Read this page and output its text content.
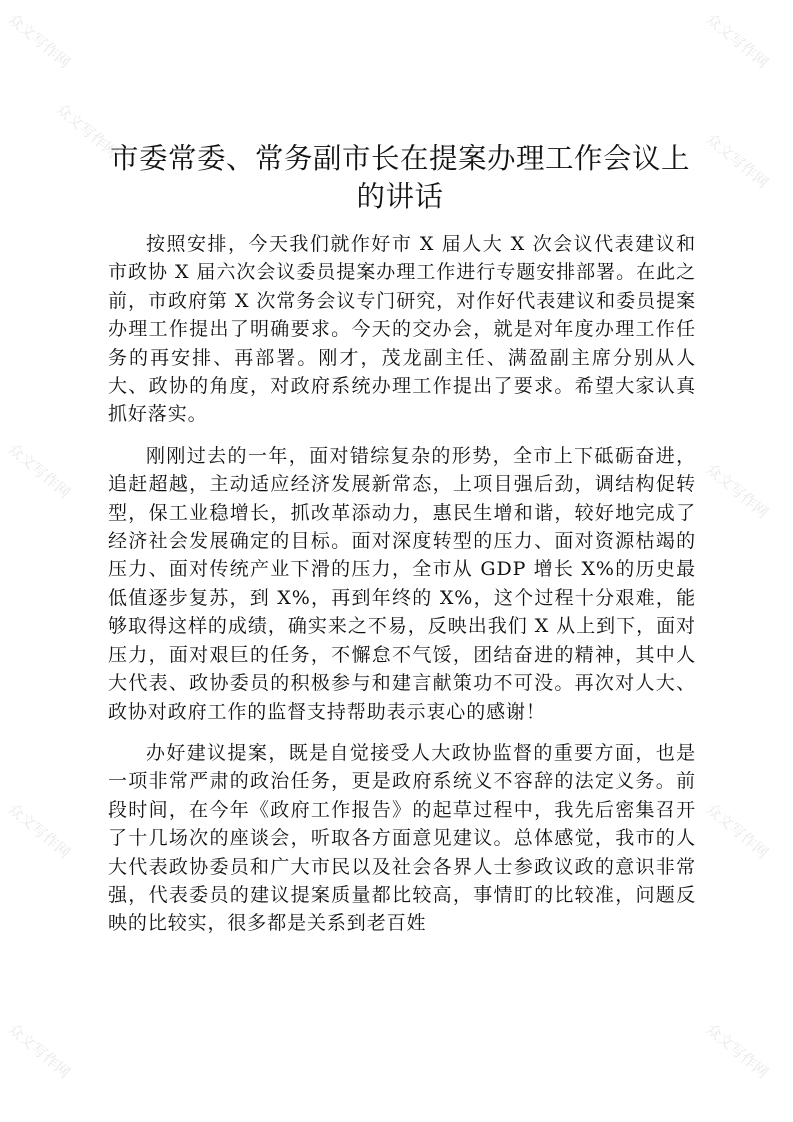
众文写作网
众文写作网
众文写作网
众文写作网
众文写作网	众文写作网
众文写作网	众文写作网
众文写作网	众文写作网
市委常委、常务副市长在提案办理工作会议上的讲话

按照安排，今天我们就作好市 X 届人大 X 次会议代表建议和市政协 X 届六次会议委员提案办理工作进行专题安排部署。在此之前，市政府第 X 次常务会议专门研究，对作好代表建议和委员提案办理工作提出了明确要求。今天的交办会，就是对年度办理工作任务的再安排、再部署。刚才，茂龙副主任、满盈副主席分别从人大、政协的角度，对政府系统办理工作提出了要求。希望大家认真抓好落实。

刚刚过去的一年，面对错综复杂的形势，全市上下砥砺奋进，追赶超越，主动适应经济发展新常态，上项目强后劲，调结构促转型，保工业稳增长，抓改革添动力，惠民生增和谐，较好地完成了经济社会发展确定的目标。面对深度转型的压力、面对资源枯竭的压力、面对传统产业下滑的压力，全市从 GDP 增长 X%的历史最低值逐步复苏，到 X%，再到年终的 X%，这个过程十分艰难，能够取得这样的成绩，确实来之不易，反映出我们 X 从上到下，面对压力，面对艰巨的任务，不懈怠不气馁，团结奋进的精神，其中人大代表、政协委员的积极参与和建言献策功不可没。再次对人大、政协对政府工作的监督支持帮助表示衷心的感谢！

办好建议提案，既是自觉接受人大政协监督的重要方面，也是一项非常严肃的政治任务，更是政府系统义不容辞的法定义务。前段时间，在今年《政府工作报告》的起草过程中，我先后密集召开了十几场次的座谈会，听取各方面意见建议。总体感觉，我市的人大代表政协委员和广大市民以及社会各界人士参政议政的意识非常强，代表委员的建议提案质量都比较高，事情盯的比较准，问题反映的比较实，很多都是关系到老百姓
